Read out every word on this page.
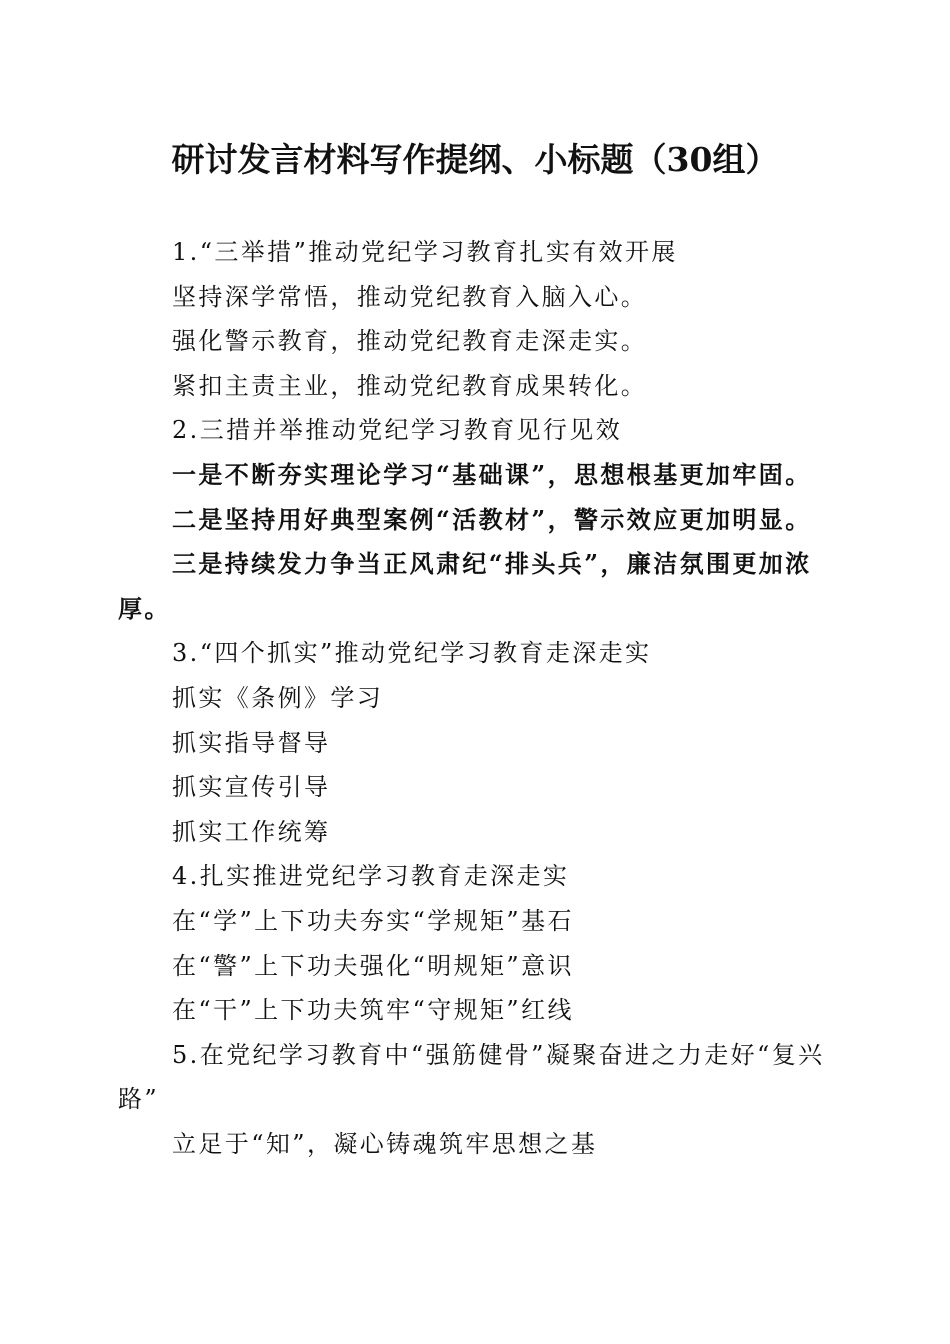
研讨发言材料写作提纲、小标题（30组）

1.“三举措”推动党纪学习教育扎实有效开展

坚持深学常悟，推动党纪教育入脑入心。

强化警示教育，推动党纪教育走深走实。

紧扣主责主业，推动党纪教育成果转化。

2.三措并举推动党纪学习教育见行见效

一是不断夯实理论学习“基础课”，思想根基更加牢固。

二是坚持用好典型案例“活教材”，警示效应更加明显。

三是持续发力争当正风肃纪“排头兵”，廉洁氛围更加浓厚。

3.“四个抓实”推动党纪学习教育走深走实

抓实《条例》学习

抓实指导督导

抓实宣传引导

抓实工作统筹

4.扎实推进党纪学习教育走深走实

在“学”上下功夫夯实“学规矩”基石

在“警”上下功夫强化“明规矩”意识

在“干”上下功夫筑牢“守规矩”红线

5.在党纪学习教育中“强筋健骨”凝聚奋进之力走好“复兴路”

立足于“知”，凝心铸魂筑牢思想之基
